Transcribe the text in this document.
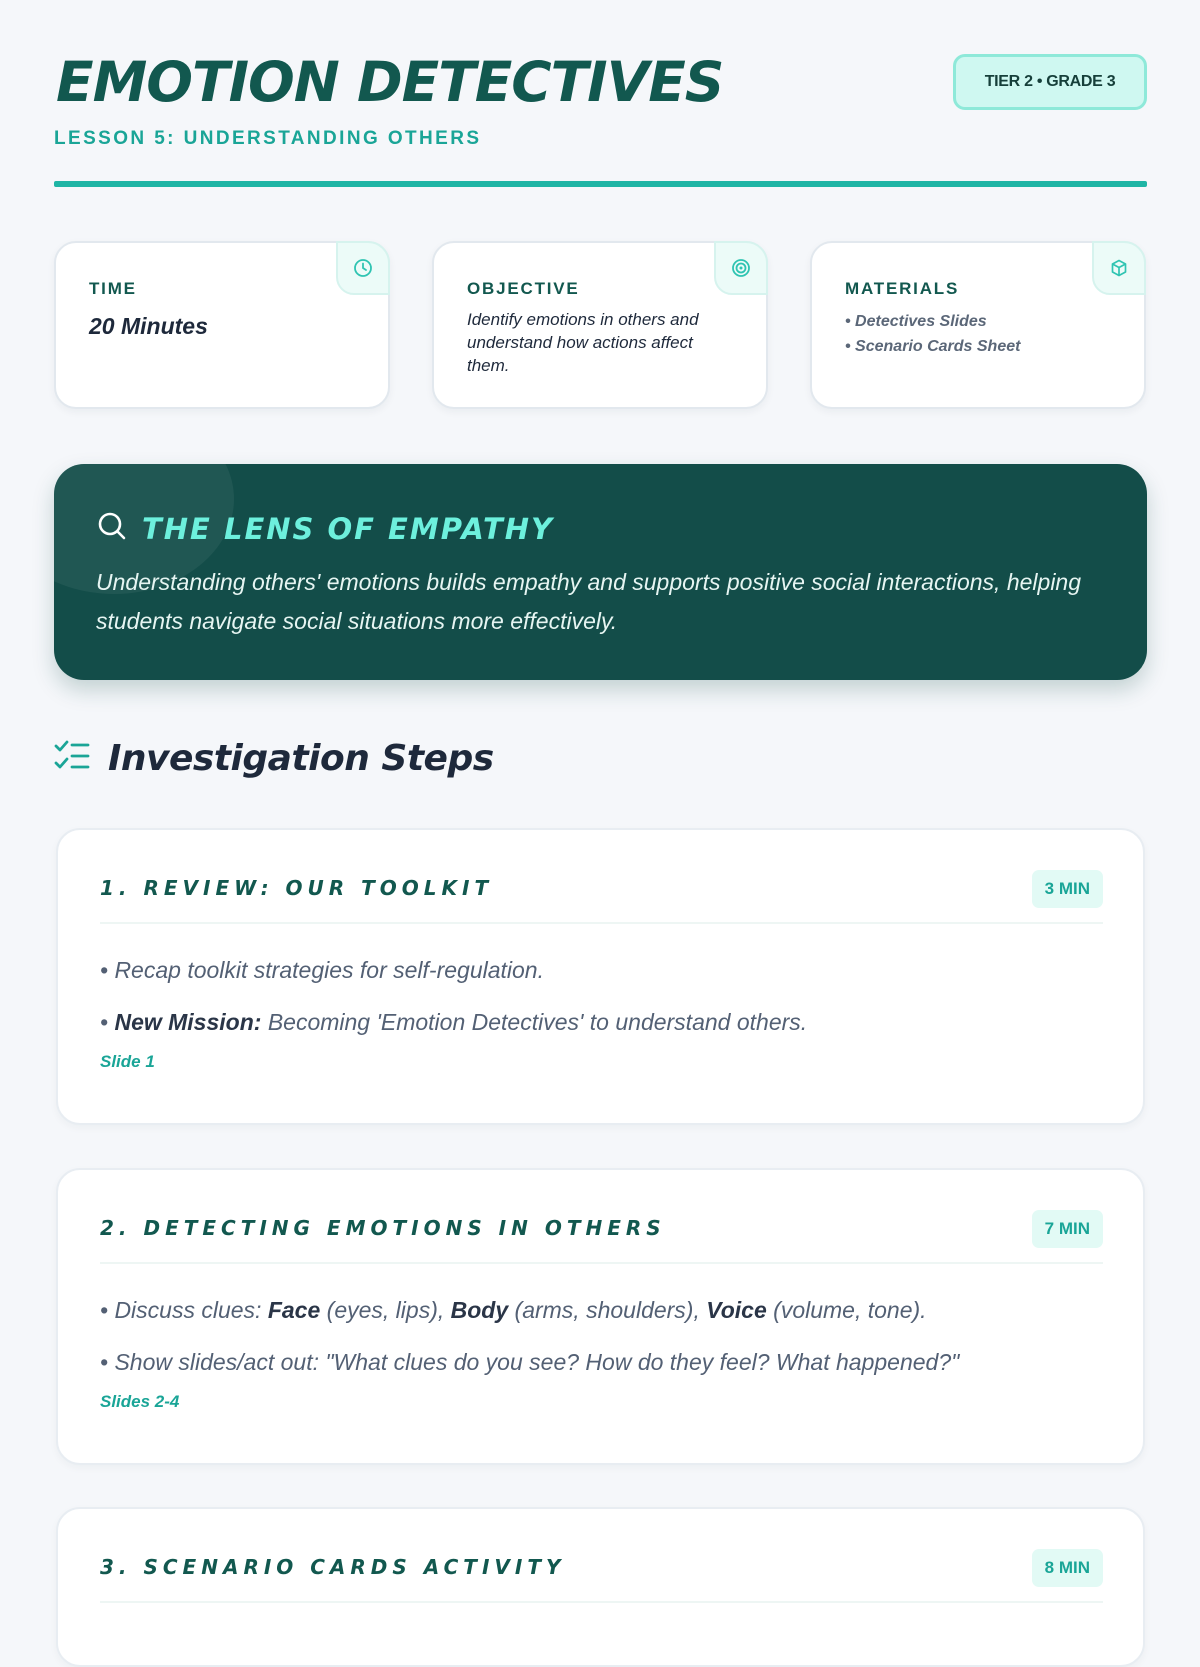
EMOTION DETECTIVES
LESSON 5: UNDERSTANDING OTHERS
TIER 2 • GRADE 3
TIME
20 Minutes
OBJECTIVE
Identify emotions in others and understand how actions affect them.
MATERIALS
• Detectives Slides
• Scenario Cards Sheet
THE LENS OF EMPATHY
Understanding others' emotions builds empathy and supports positive social interactions, helping students navigate social situations more effectively.
Investigation Steps
1. REVIEW: OUR TOOLKIT	3 MIN
• Recap toolkit strategies for self-regulation.
• New Mission: Becoming 'Emotion Detectives' to understand others.
Slide 1
2. DETECTING EMOTIONS IN OTHERS	7 MIN
• Discuss clues: Face (eyes, lips), Body (arms, shoulders), Voice (volume, tone).
• Show slides/act out: "What clues do you see? How do they feel? What happened?"
Slides 2-4
3. SCENARIO CARDS ACTIVITY	8 MIN
